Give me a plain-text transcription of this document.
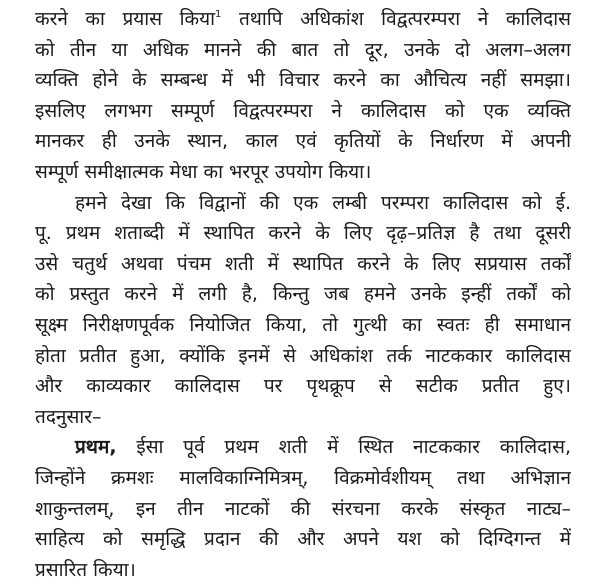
करने का प्रयास किया$^1$ तथापि अधिकांश विद्वत्परम्परा ने कालिदास
को तीन या अधिक मानने की बात तो दूर, उनके दो अलग–अलग
व्यक्ति होने के सम्बन्ध में भी विचार करने का औचित्य नहीं समझा।
इसलिए लगभग सम्पूर्ण विद्वत्परम्परा ने कालिदास को एक व्यक्ति
मानकर ही उनके स्थान, काल एवं कृतियों के निर्धारण में अपनी
सम्पूर्ण समीक्षात्मक मेधा का भरपूर उपयोग किया।
हमने देखा कि विद्वानों की एक लम्बी परम्परा कालिदास को ई.
पू. प्रथम शताब्दी में स्थापित करने के लिए दृढ़–प्रतिज्ञ है तथा दूसरी
उसे चतुर्थ अथवा पंचम शती में स्थापित करने के लिए सप्रयास तर्कों
को प्रस्तुत करने में लगी है, किन्तु जब हमने उनके इन्हीं तर्कों को
सूक्ष्म निरीक्षणपूर्वक नियोजित किया, तो गुत्थी का स्वतः ही समाधान
होता प्रतीत हुआ, क्योंकि इनमें से अधिकांश तर्क नाटककार कालिदास
और काव्यकार कालिदास पर पृथक्रूप से सटीक प्रतीत हुए।
तदनुसार–
प्रथम, ईसा पूर्व प्रथम शती में स्थित नाटककार कालिदास,
जिन्होंने क्रमशः मालविकाग्निमित्रम्, विक्रमोर्वशीयम् तथा अभिज्ञान
शाकुन्तलम्, इन तीन नाटकों की संरचना करके संस्कृत नाट्य–
साहित्य को समृद्धि प्रदान की और अपने यश को दिग्दिगन्त में
प्रसारित किया।
